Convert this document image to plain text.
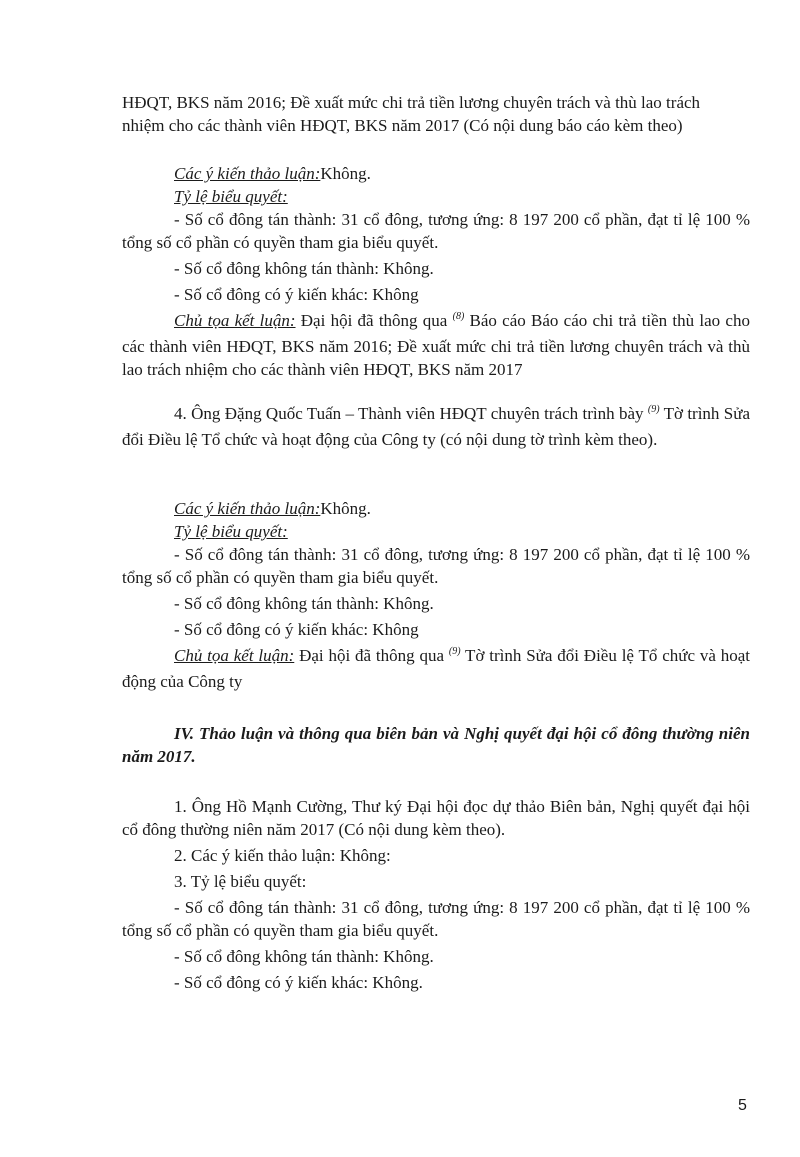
HĐQT, BKS năm 2016; Đề xuất mức chi trả tiền lương chuyên trách và thù lao trách

nhiệm cho các thành viên HĐQT, BKS năm 2017 (Có nội dung báo cáo kèm theo)

Các ý kiến thảo luận:Không.

Tỷ lệ biểu quyết:

- Số cổ đông tán thành: 31 cổ đông, tương ứng: 8 197 200 cổ phần, đạt tỉ lệ 100 % tổng số cổ phần có quyền tham gia biểu quyết.

- Số cổ đông không tán thành: Không.

- Số cổ đông có ý kiến khác: Không

Chủ tọa kết luận: Đại hội đã thông qua $^{(8)}$ Báo cáo Báo cáo chi trả tiền thù lao cho các thành viên HĐQT, BKS năm 2016; Đề xuất mức chi trả tiền lương chuyên trách và thù lao trách nhiệm cho các thành viên HĐQT, BKS năm 2017

4. Ông Đặng Quốc Tuấn – Thành viên HĐQT chuyên trách trình bày $^{(9)}$ Tờ trình Sửa đổi Điều lệ Tổ chức và hoạt động của Công ty (có nội dung tờ trình kèm theo).

Các ý kiến thảo luận:Không.

Tỷ lệ biểu quyết:

- Số cổ đông tán thành: 31 cổ đông, tương ứng: 8 197 200 cổ phần, đạt tỉ lệ 100 % tổng số cổ phần có quyền tham gia biểu quyết.

- Số cổ đông không tán thành: Không.

- Số cổ đông có ý kiến khác: Không

Chủ tọa kết luận: Đại hội đã thông qua $^{(9)}$ Tờ trình Sửa đổi Điều lệ Tổ chức và hoạt động của Công ty

IV. Thảo luận và thông qua biên bản và Nghị quyết đại hội cổ đông thường niên năm 2017.

1. Ông Hồ Mạnh Cường, Thư ký Đại hội đọc dự thảo Biên bản, Nghị quyết đại hội cổ đông thường niên năm 2017 (Có nội dung kèm theo).

2. Các ý kiến thảo luận: Không:

3. Tỷ lệ biểu quyết:

- Số cổ đông tán thành: 31 cổ đông, tương ứng: 8 197 200 cổ phần, đạt tỉ lệ 100 % tổng số cổ phần có quyền tham gia biểu quyết.

- Số cổ đông không tán thành: Không.

- Số cổ đông có ý kiến khác: Không.

5
